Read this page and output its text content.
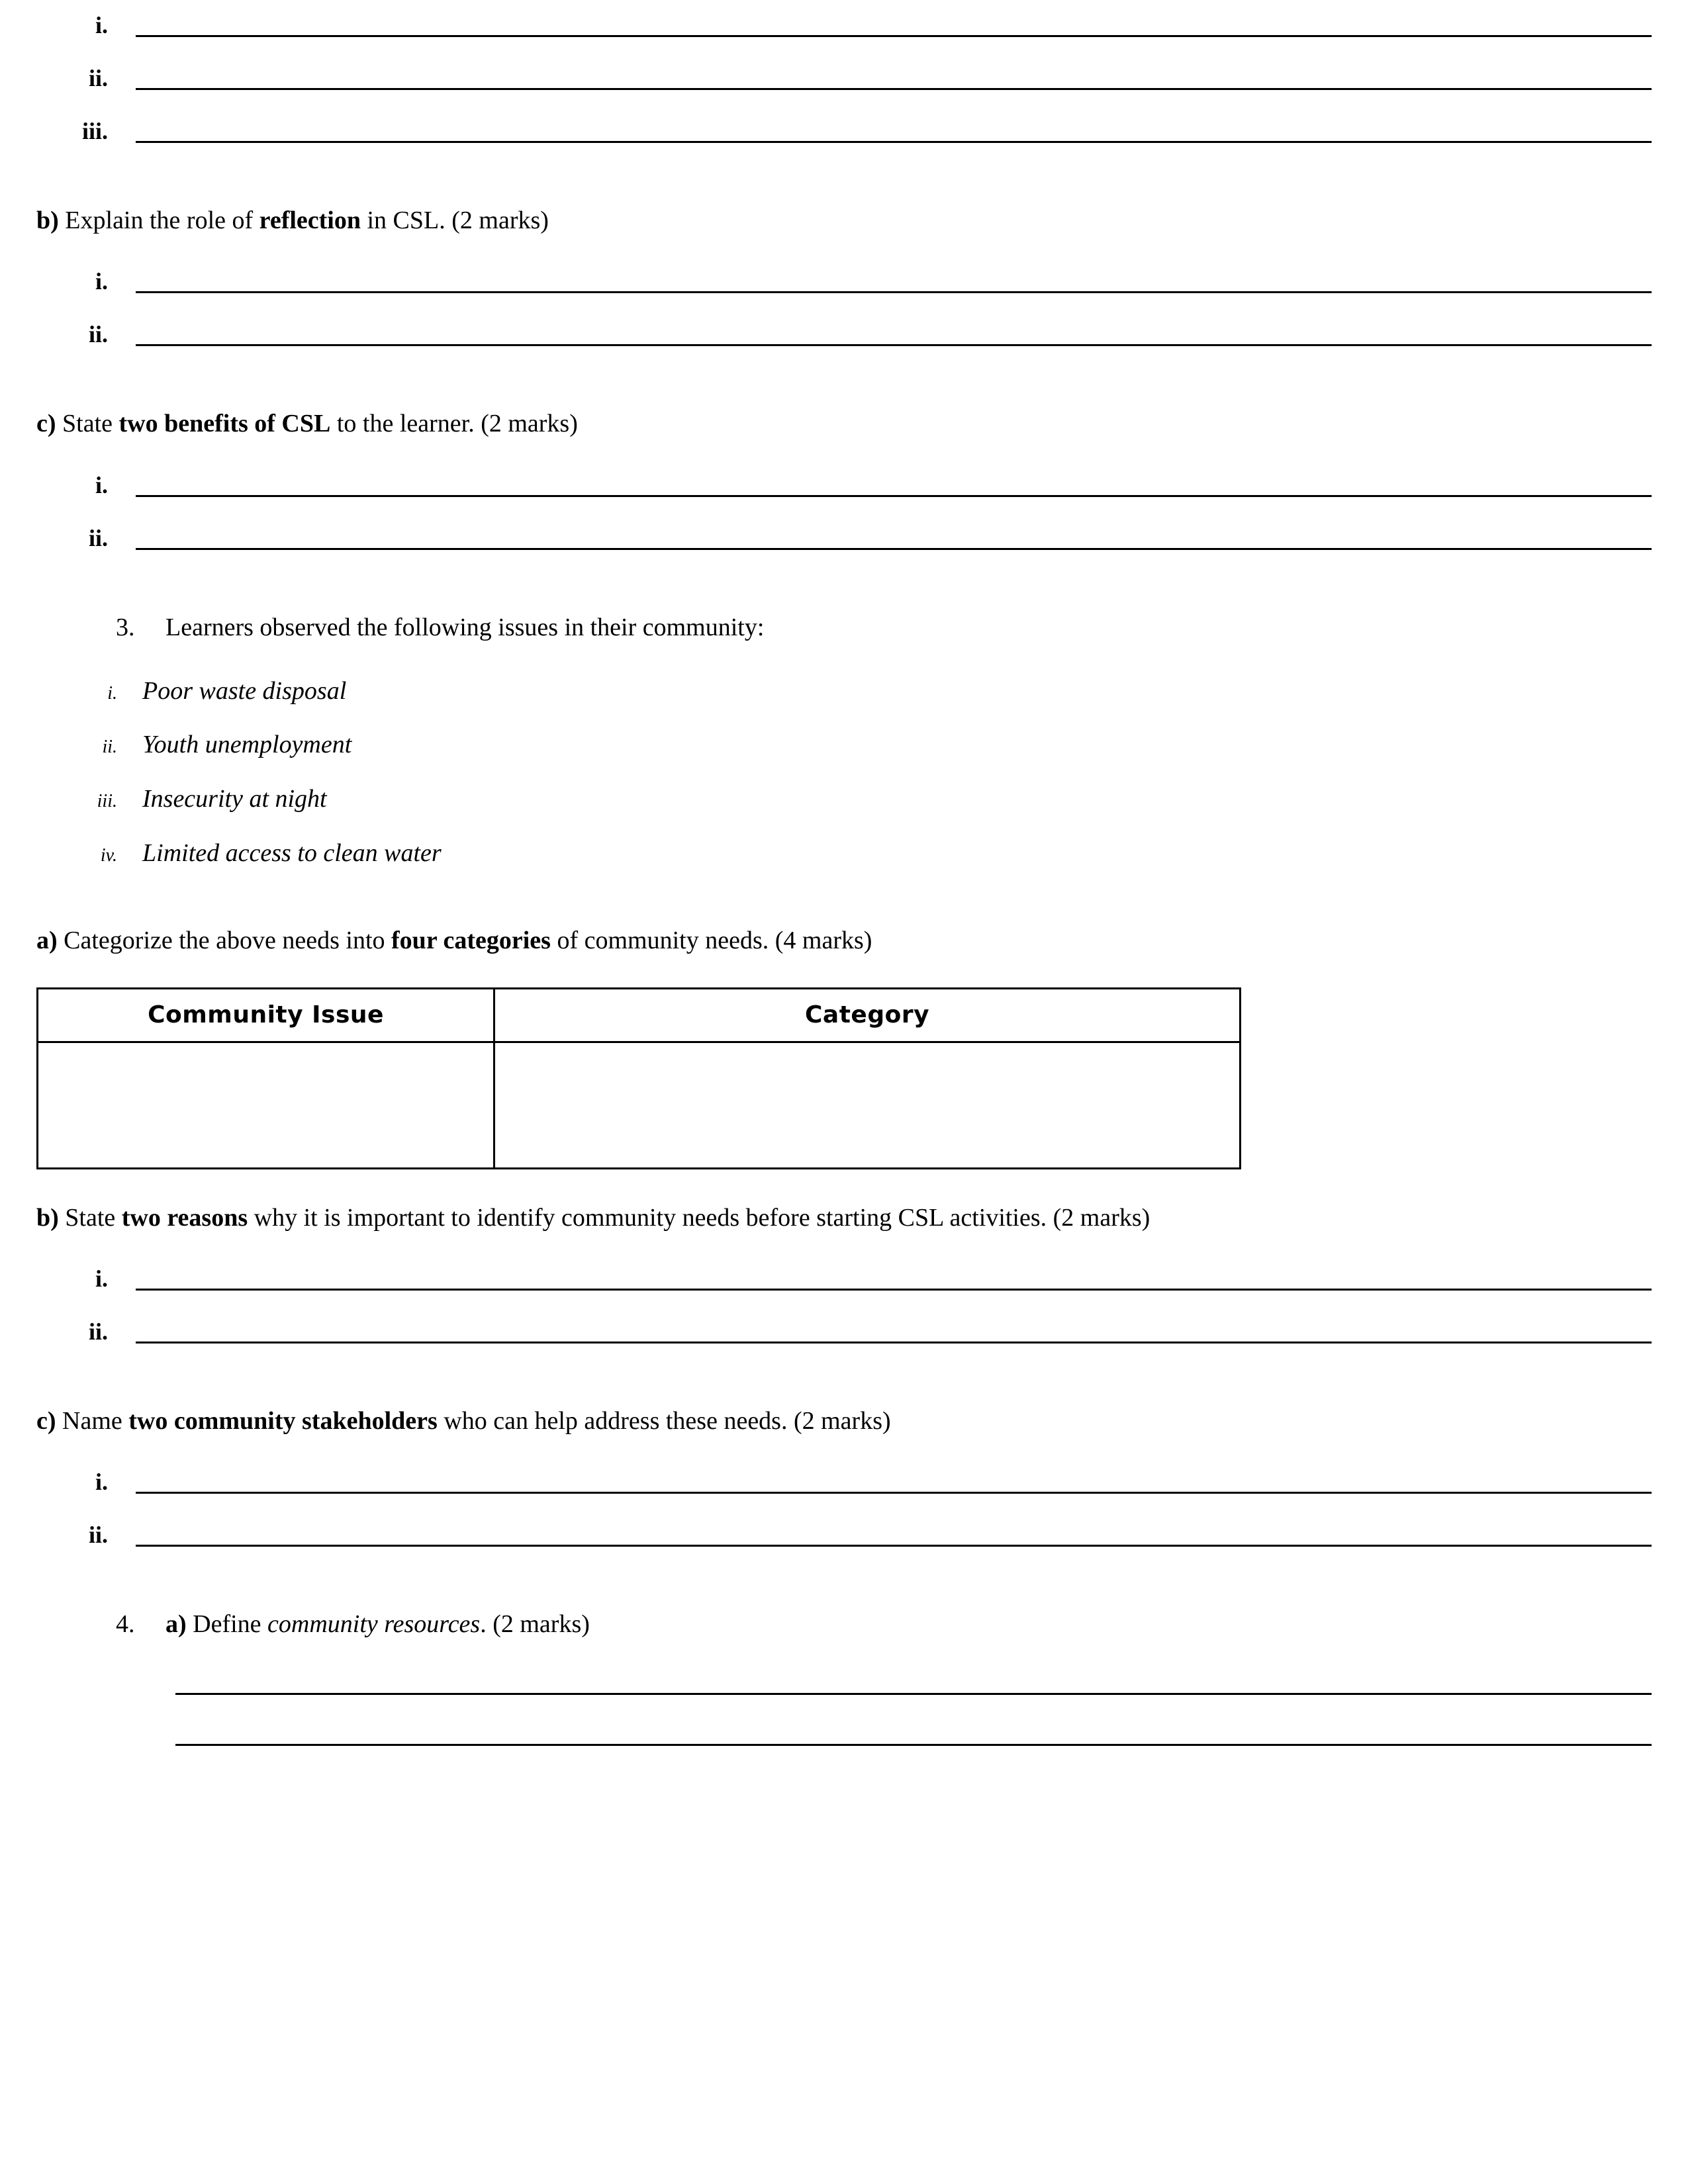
i.
ii.
iii.

b) Explain the role of reflection in CSL. (2 marks)

i.
ii.

c) State two benefits of CSL to the learner. (2 marks)

i.
ii.
3.	Learners observed the following issues in their community:
i.	Poor waste disposal
ii.	Youth unemployment
iii.	Insecurity at night
iv.	Limited access to clean water

a) Categorize the above needs into four categories of community needs. (4 marks)

Community Issue	Category

b) State two reasons why it is important to identify community needs before starting CSL activities. (2 marks)

i.
ii.

c) Name two community stakeholders who can help address these needs. (2 marks)

i.
ii.
4.	a) Define community resources. (2 marks)
